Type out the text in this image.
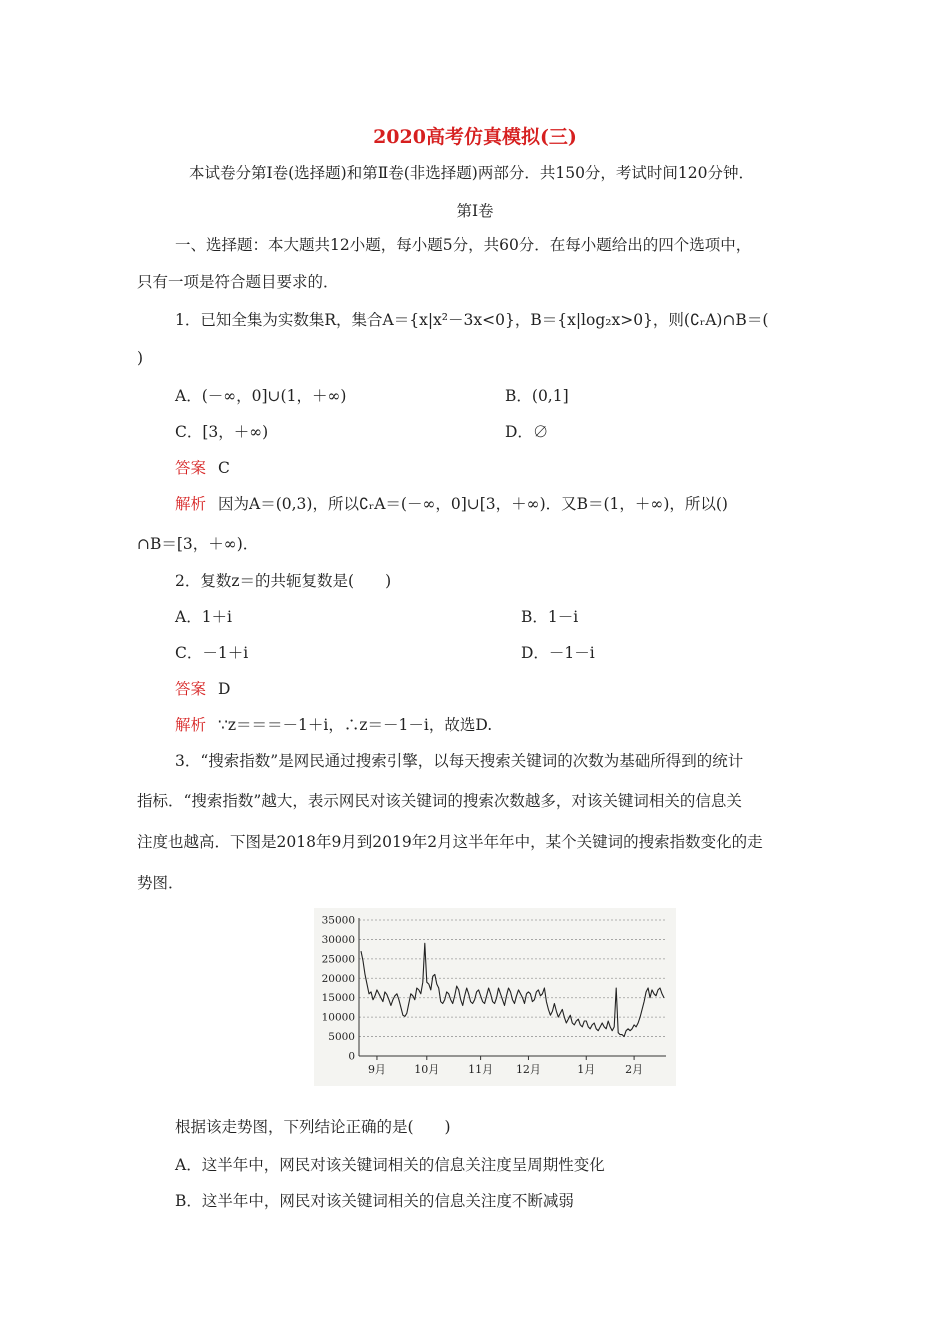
2020高考仿真模拟(三)
本试卷分第Ⅰ卷(选择题)和第Ⅱ卷(非选择题)两部分．共150分，考试时间120分钟．
第Ⅰ卷
一、选择题：本大题共12小题，每小题5分，共60分．在每小题给出的四个选项中，
只有一项是符合题目要求的．
1．已知全集为实数集R，集合A＝{x|x²－3x<0}，B＝{x|log₂x>0}，则(∁ᵣA)∩B＝(
)
A．(－∞，0]∪(1，＋∞)	B．(0,1]
C．[3，＋∞)	D．∅
答案 C
解析 因为A＝(0,3)，所以∁ᵣA＝(－∞，0]∪[3，＋∞)．又B＝(1，＋∞)，所以()
∩B＝[3，＋∞)．
2．复数z＝的共轭复数是(　　)
A．1＋i	B．1－i
C．－1＋i	D．－1－i
答案 D
解析 ∵z＝＝＝－1＋i，∴z＝－1－i，故选D.
3．“搜索指数”是网民通过搜索引擎，以每天搜索关键词的次数为基础所得到的统计
指标．“搜索指数”越大，表示网民对该关键词的搜索次数越多，对该关键词相关的信息关
注度也越高．下图是2018年9月到2019年2月这半年年中，某个关键词的搜索指数变化的走
势图．
35000
30000
25000
20000
15000
10000
5000
0
9月	10月	11月 12月	1月	2月
根据该走势图，下列结论正确的是(　　)
A．这半年中，网民对该关键词相关的信息关注度呈周期性变化
B．这半年中，网民对该关键词相关的信息关注度不断减弱
